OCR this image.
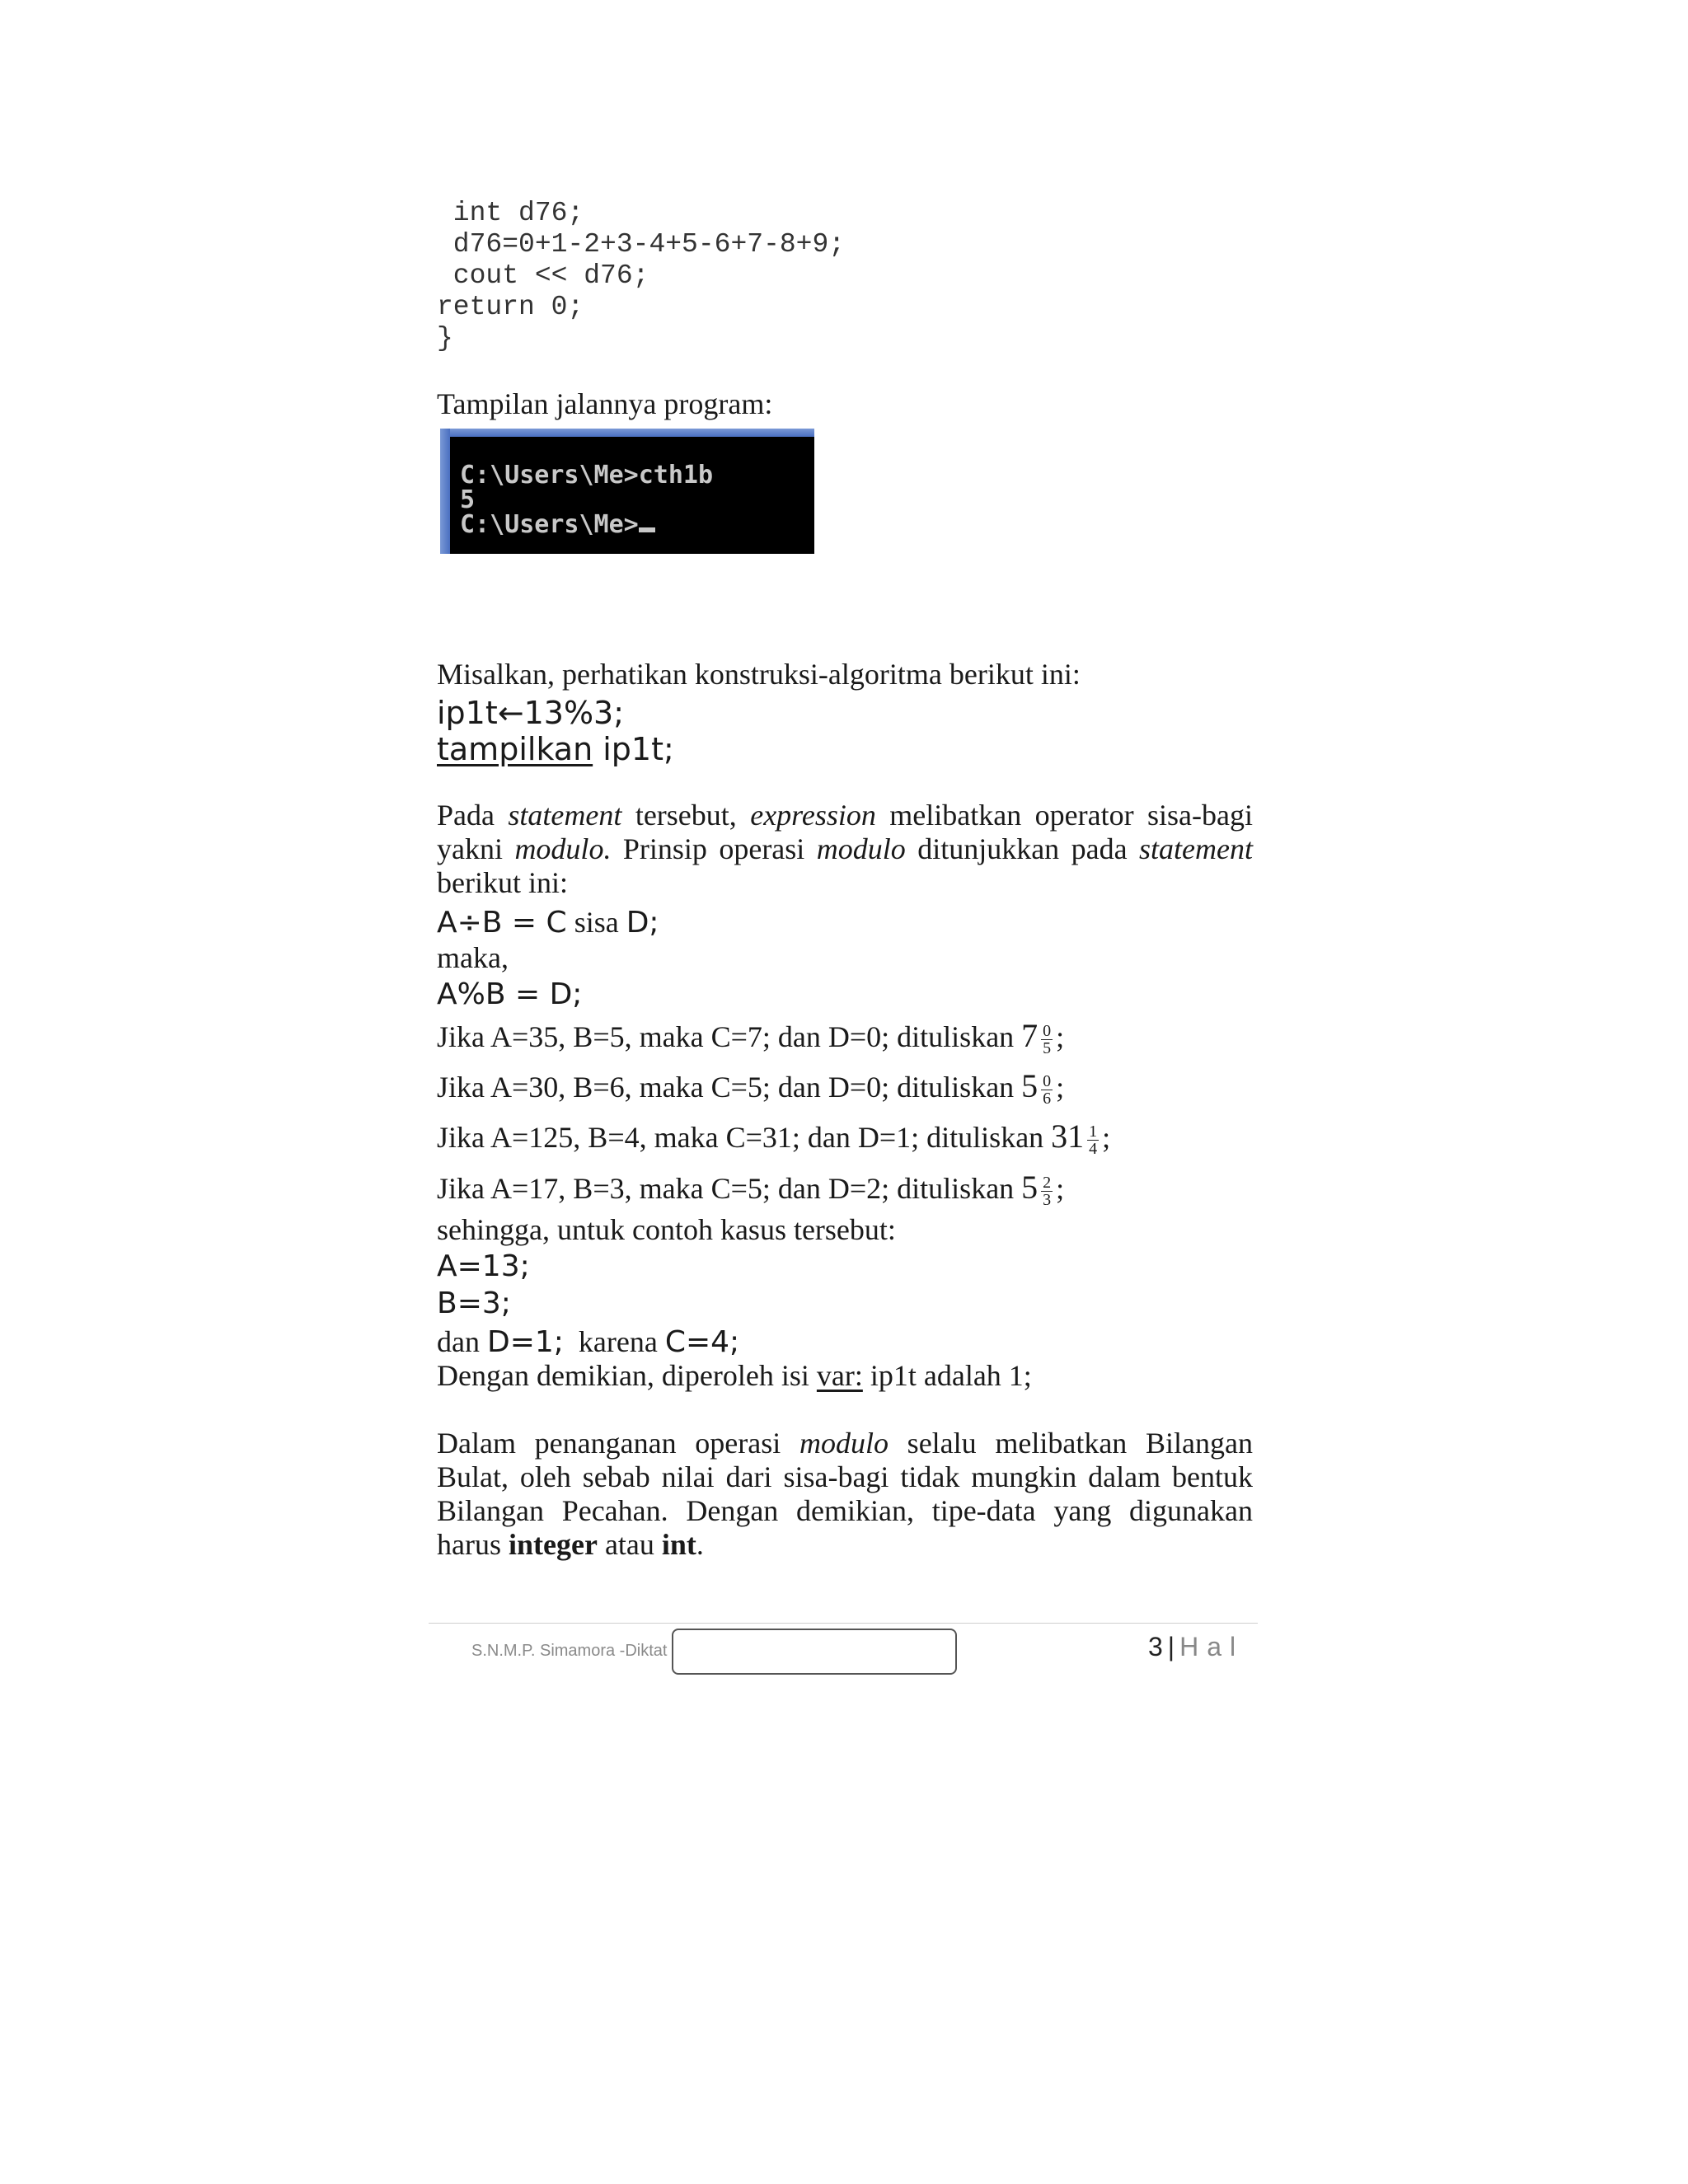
int d76;
d76=0+1-2+3-4+5-6+7-8+9;
cout << d76;
return 0;
}
Tampilan jalannya program:
C:\Users\Me>cth1b
5
C:\Users\Me>
Misalkan, perhatikan konstruksi-algoritma berikut ini:
ip1t←13%3;
tampilkan ip1t;
Pada statement tersebut, expression melibatkan operator sisa-bagi yakni modulo. Prinsip operasi modulo ditunjukkan pada statement berikut ini:
A÷B = C sisa D;
maka,
A%B = D;
Jika A=35, B=5, maka C=7; dan D=0; dituliskan $7 \frac{0}{5}$ ;
Jika A=30, B=6, maka C=5; dan D=0; dituliskan $5 \frac{0}{6}$ ;
Jika A=125, B=4, maka C=31; dan D=1; dituliskan $31 \frac{1}{4}$ ;
Jika A=17, B=3, maka C=5; dan D=2; dituliskan $5 \frac{2}{3}$ ;
sehingga, untuk contoh kasus tersebut:
A=13;
B=3;
dan D=1;  karena C=4;
Dengan demikian, diperoleh isi var: ip1t adalah 1;
Dalam penanganan operasi modulo selalu melibatkan Bilangan Bulat, oleh sebab nilai dari sisa-bagi tidak mungkin dalam bentuk Bilangan Pecahan. Dengan demikian, tipe-data yang digunakan harus integer atau int.
S.N.M.P. Simamora -Diktat	3 | Hal
